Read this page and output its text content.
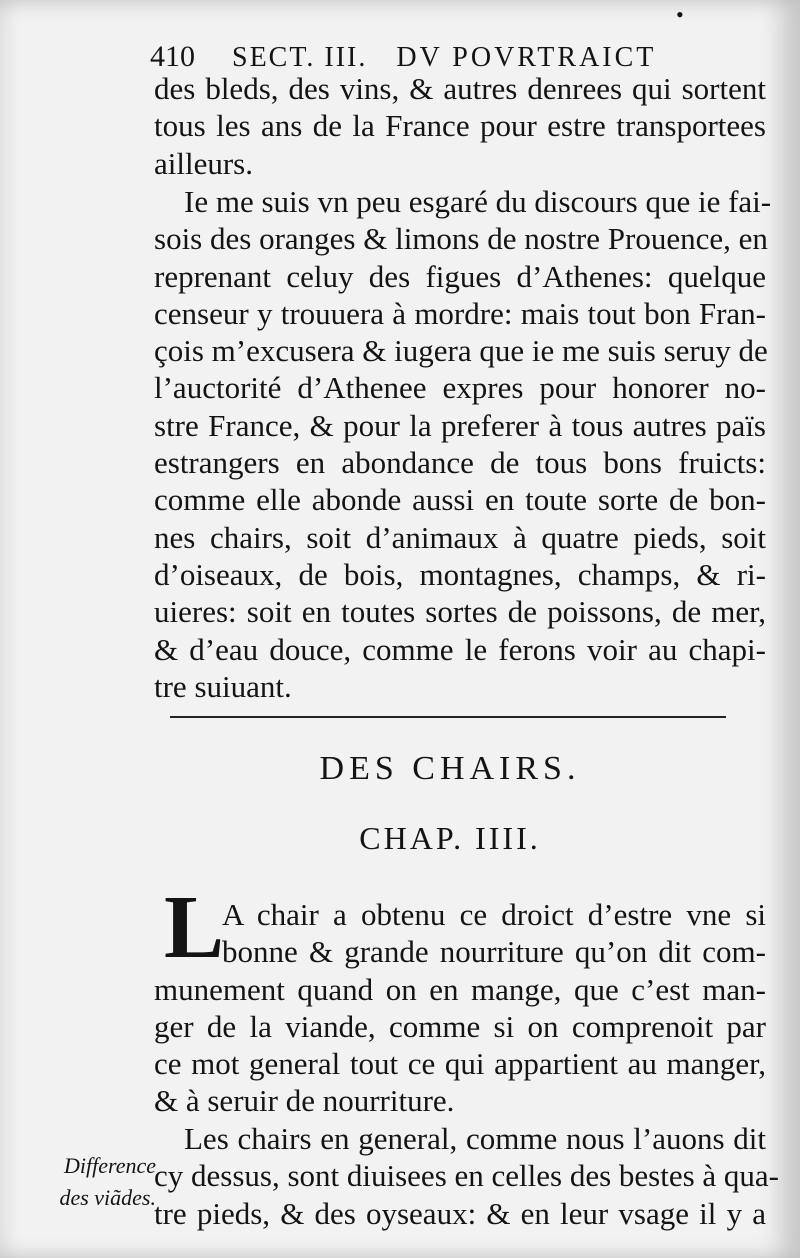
•
410 SECT. III. DV POVRTRAICT
des bleds, des vins, & autres denrees qui sortent
tous les ans de la France pour estre transportees
ailleurs.
Ie me suis vn peu esgaré du discours que ie fai-
sois des oranges & limons de nostre Prouence, en
reprenant celuy des figues d’Athenes: quelque
censeur y trouuera à mordre: mais tout bon Fran-
çois m’excusera & iugera que ie me suis seruy de
l’auctorité d’Athenee expres pour honorer no-
stre France, & pour la preferer à tous autres païs
estrangers en abondance de tous bons fruicts:
comme elle abonde aussi en toute sorte de bon-
nes chairs, soit d’animaux à quatre pieds, soit
d’oiseaux, de bois, montagnes, champs, & ri-
uieres: soit en toutes sortes de poissons, de mer,
& d’eau douce, comme le ferons voir au chapi-
tre suiuant.
DES CHAIRS.
CHAP. IIII.
L
A chair a obtenu ce droict d’estre vne si
bonne & grande nourriture qu’on dit com-
munement quand on en mange, que c’est man-
ger de la viande, comme si on comprenoit par
ce mot general tout ce qui appartient au manger,
& à seruir de nourriture.
Les chairs en general, comme nous l’auons dit
cy dessus, sont diuisees en celles des bestes à qua-
tre pieds, & des oyseaux: & en leur vsage il y a
Difference
des viãdes.
